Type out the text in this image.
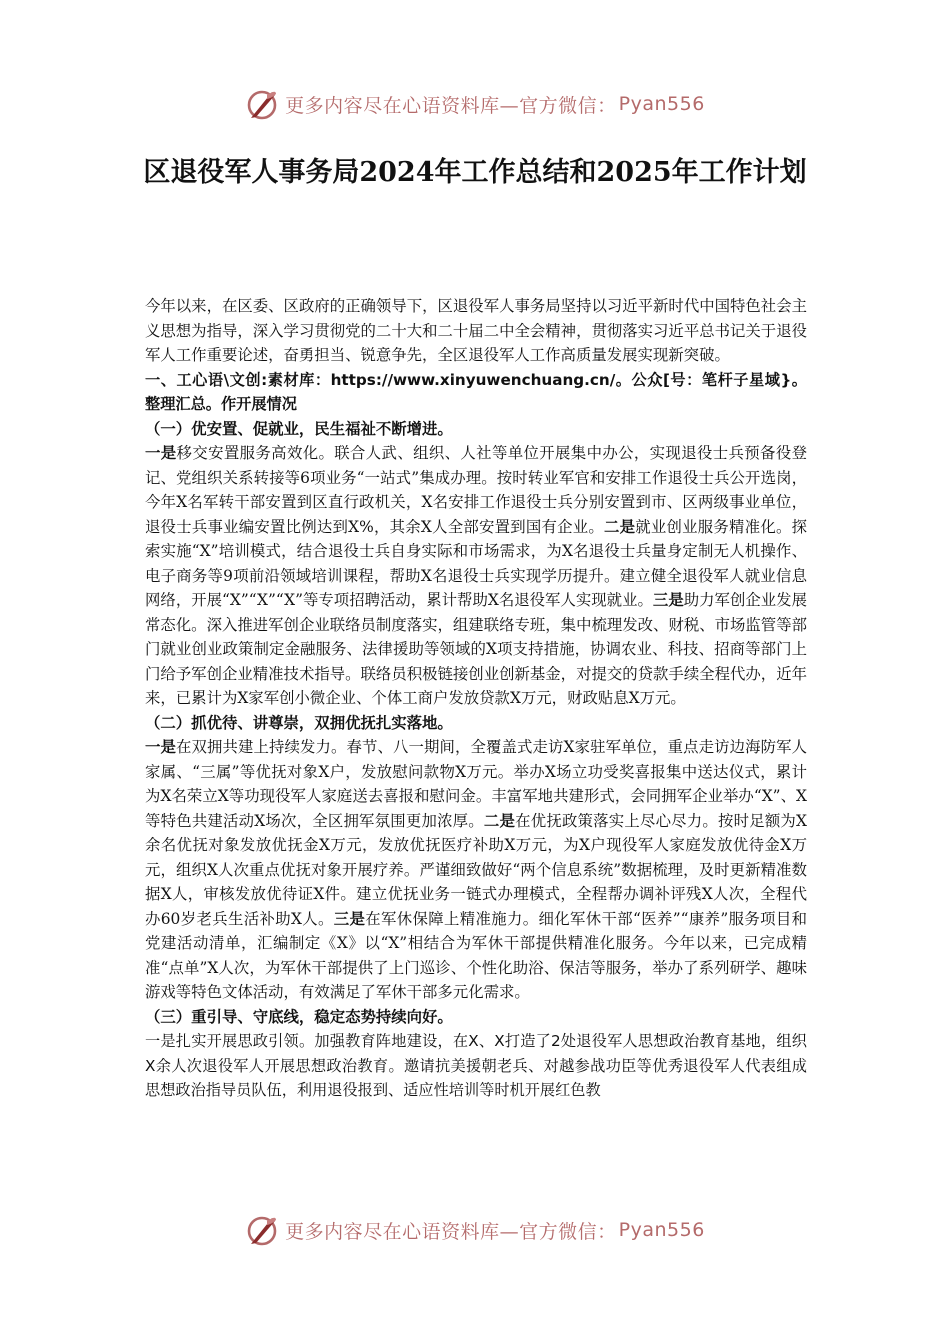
更多内容尽在心语资料库—官方微信： Pyan556
区退役军人事务局2024年工作总结和2025年工作计划

今年以来，在区委、区政府的正确领导下，区退役军人事务局坚持以习近平新时代中国特色社会主义思想为指导，深入学习贯彻党的二十大和二十届二中全会精神，贯彻落实习近平总书记关于退役军人工作重要论述，奋勇担当、锐意争先，全区退役军人工作高质量发展实现新突破。

一、工心语\文创:素材库：https://www.xinyuwenchuang.cn/。公众[号：笔杆子星域}。整理汇总。作开展情况

（一）优安置、促就业，民生福祉不断增进。

一是移交安置服务高效化。联合人武、组织、人社等单位开展集中办公，实现退役士兵预备役登记、党组织关系转接等6项业务“一站式”集成办理。按时转业军官和安排工作退役士兵公开选岗，今年X名军转干部安置到区直行政机关，X名安排工作退役士兵分别安置到市、区两级事业单位，退役士兵事业编安置比例达到X%，其余X人全部安置到国有企业。二是就业创业服务精准化。探索实施“X”培训模式，结合退役士兵自身实际和市场需求，为X名退役士兵量身定制无人机操作、电子商务等9项前沿领域培训课程，帮助X名退役士兵实现学历提升。建立健全退役军人就业信息网络，开展“X”“X”“X”等专项招聘活动，累计帮助X名退役军人实现就业。三是助力军创企业发展常态化。深入推进军创企业联络员制度落实，组建联络专班，集中梳理发改、财税、市场监管等部门就业创业政策制定金融服务、法律援助等领域的X项支持措施，协调农业、科技、招商等部门上门给予军创企业精准技术指导。联络员积极链接创业创新基金，对提交的贷款手续全程代办，近年来，已累计为X家军创小微企业、个体工商户发放贷款X万元，财政贴息X万元。

（二）抓优待、讲尊崇，双拥优抚扎实落地。

一是在双拥共建上持续发力。春节、八一期间，全覆盖式走访X家驻军单位，重点走访边海防军人家属、“三属”等优抚对象X户，发放慰问款物X万元。举办X场立功受奖喜报集中送达仪式，累计为X名荣立X等功现役军人家庭送去喜报和慰问金。丰富军地共建形式，会同拥军企业举办“X”、X等特色共建活动X场次，全区拥军氛围更加浓厚。二是在优抚政策落实上尽心尽力。按时足额为X余名优抚对象发放优抚金X万元，发放优抚医疗补助X万元，为X户现役军人家庭发放优待金X万元，组织X人次重点优抚对象开展疗养。严谨细致做好“两个信息系统”数据梳理，及时更新精准数据X人，审核发放优待证X件。建立优抚业务一链式办理模式，全程帮办调补评残X人次，全程代办60岁老兵生活补助X人。三是在军休保障上精准施力。细化军休干部“医养”“康养”服务项目和党建活动清单，汇编制定《X》以“X”相结合为军休干部提供精准化服务。今年以来，已完成精准“点单”X人次，为军休干部提供了上门巡诊、个性化助浴、保洁等服务，举办了系列研学、趣味游戏等特色文体活动，有效满足了军休干部多元化需求。

（三）重引导、守底线，稳定态势持续向好。

一是扎实开展思政引领。加强教育阵地建设，在X、X打造了2处退役军人思想政治教育基地，组织X余人次退役军人开展思想政治教育。邀请抗美援朝老兵、对越参战功臣等优秀退役军人代表组成思想政治指导员队伍，利用退役报到、适应性培训等时机开展红色教

更多内容尽在心语资料库—官方微信： Pyan556
